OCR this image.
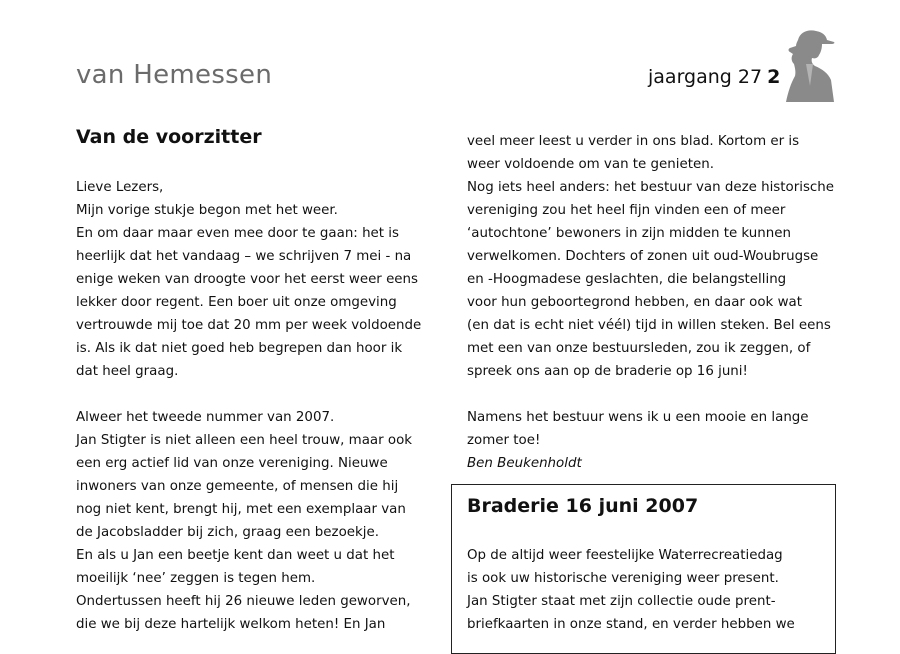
van Hemessen	jaargang 27 2
Van de voorzitter

Lieve Lezers,

Mijn vorige stukje begon met het weer.

En om daar maar even mee door te gaan: het is

heerlijk dat het vandaag – we schrijven 7 mei - na

enige weken van droogte voor het eerst weer eens

lekker door regent. Een boer uit onze omgeving

vertrouwde mij toe dat 20 mm per week voldoende

is. Als ik dat niet goed heb begrepen dan hoor ik

dat heel graag.

Alweer het tweede nummer van 2007.

Jan Stigter is niet alleen een heel trouw, maar ook

een erg actief lid van onze vereniging. Nieuwe

inwoners van onze gemeente, of mensen die hij

nog niet kent, brengt hij, met een exemplaar van

de Jacobsladder bij zich, graag een bezoekje.

En als u Jan een beetje kent dan weet u dat het

moeilijk ‘nee’ zeggen is tegen hem.

Ondertussen heeft hij 26 nieuwe leden geworven,

die we bij deze hartelijk welkom heten! En Jan

veel meer leest u verder in ons blad. Kortom er is

weer voldoende om van te genieten.

Nog iets heel anders: het bestuur van deze historische

vereniging zou het heel fijn vinden een of meer

‘autochtone’ bewoners in zijn midden te kunnen

verwelkomen. Dochters of zonen uit oud-Woubrugse

en -Hoogmadese geslachten, die belangstelling

voor hun geboortegrond hebben, en daar ook wat

(en dat is echt niet véél) tijd in willen steken. Bel eens

met een van onze bestuursleden, zou ik zeggen, of

spreek ons aan op de braderie op 16 juni!

Namens het bestuur wens ik u een mooie en lange

zomer toe!

Ben Beukenholdt
Braderie 16 juni 2007

Op de altijd weer feestelijke Waterrecreatiedag

is ook uw historische vereniging weer present.

Jan Stigter staat met zijn collectie oude prent-

briefkaarten in onze stand, en verder hebben we
